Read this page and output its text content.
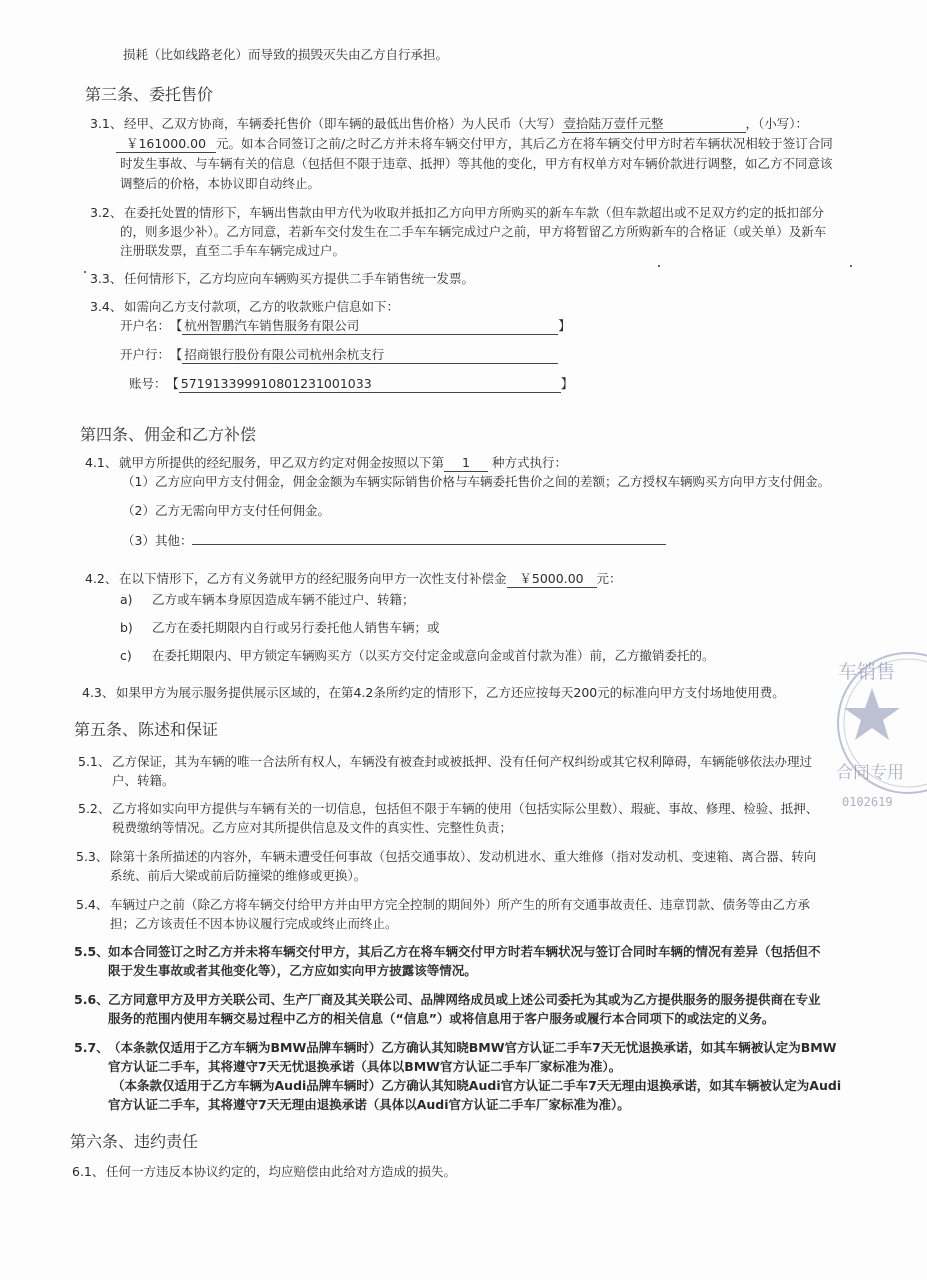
损耗（比如线路老化）而导致的损毁灭失由乙方自行承担。
第三条、委托售价
3.1、 经甲、乙双方协商，车辆委托售价（即车辆的最低出售价格）为人民币（大写） 壹拾陆万壹仟元整	，（小写）：
￥161000.00 元。如本合同签订之前/之时乙方并未将车辆交付甲方，其后乙方在将车辆交付甲方时若车辆状况相较于签订合同
时发生事故、与车辆有关的信息（包括但不限于违章、抵押）等其他的变化，甲方有权单方对车辆价款进行调整，如乙方不同意该
调整后的价格，本协议即自动终止。
3.2、 在委托处置的情形下，车辆出售款由甲方代为收取并抵扣乙方向甲方所购买的新车车款（但车款超出或不足双方约定的抵扣部分
的，则多退少补）。乙方同意，若新车交付发生在二手车车辆完成过户之前，甲方将暂留乙方所购新车的合格证（或关单）及新车
注册联发票，直至二手车车辆完成过户。
3.3、 任何情形下，乙方均应向车辆购买方提供二手车销售统一发票。
3.4、 如需向乙方支付款项，乙方的收款账户信息如下：
开户名： 【 杭州智鹏汽车销售服务有限公司	】
开户行： 【 招商银行股份有限公司杭州余杭支行
账号： 【 571913399910801231001033	】
第四条、佣金和乙方补偿
4.1、 就甲方所提供的经纪服务，甲乙双方约定对佣金按照以下第 1 种方式执行：
（1）乙方应向甲方支付佣金，佣金金额为车辆实际销售价格与车辆委托售价之间的差额；乙方授权车辆购买方向甲方支付佣金。
（2）乙方无需向甲方支付任何佣金。
（3）其他：
4.2、 在以下情形下，乙方有义务就甲方的经纪服务向甲方一次性支付补偿金 ￥5000.00 元：
a) 乙方或车辆本身原因造成车辆不能过户、转籍；
b) 乙方在委托期限内自行或另行委托他人销售车辆；或
c) 在委托期限内、甲方锁定车辆购买方（以买方交付定金或意向金或首付款为准）前，乙方撤销委托的。
4.3、 如果甲方为展示服务提供展示区域的，在第4.2条所约定的情形下，乙方还应按每天200元的标准向甲方支付场地使用费。
第五条、陈述和保证
5.1、 乙方保证，其为车辆的唯一合法所有权人，车辆没有被查封或被抵押、没有任何产权纠纷或其它权利障碍，车辆能够依法办理过
户、转籍。
5.2、 乙方将如实向甲方提供与车辆有关的一切信息，包括但不限于车辆的使用（包括实际公里数）、瑕疵、事故、修理、检验、抵押、
税费缴纳等情况。乙方应对其所提供信息及文件的真实性、完整性负责；
5.3、 除第十条所描述的内容外，车辆未遭受任何事故（包括交通事故）、发动机进水、重大维修（指对发动机、变速箱、离合器、转向
系统、前后大梁或前后防撞梁的维修或更换）。
5.4、 车辆过户之前（除乙方将车辆交付给甲方并由甲方完全控制的期间外）所产生的所有交通事故责任、违章罚款、债务等由乙方承
担；乙方该责任不因本协议履行完成或终止而终止。
5.5、如本合同签订之时乙方并未将车辆交付甲方，其后乙方在将车辆交付甲方时若车辆状况与签订合同时车辆的情况有差异（包括但不
限于发生事故或者其他变化等），乙方应如实向甲方披露该等情况。
5.6、乙方同意甲方及甲方关联公司、生产厂商及其关联公司、品牌网络成员或上述公司委托为其或为乙方提供服务的服务提供商在专业
服务的范围内使用车辆交易过程中乙方的相关信息（“信息”）或将信息用于客户服务或履行本合同项下的或法定的义务。
5.7、（本条款仅适用于乙方车辆为BMW品牌车辆时）乙方确认其知晓BMW官方认证二手车7天无忧退换承诺，如其车辆被认定为BMW
官方认证二手车，其将遵守7天无忧退换承诺（具体以BMW官方认证二手车厂家标准为准）。
（本条款仅适用于乙方车辆为Audi品牌车辆时）乙方确认其知晓Audi官方认证二手车7天无理由退换承诺，如其车辆被认定为Audi
官方认证二手车，其将遵守7天无理由退换承诺（具体以Audi官方认证二手车厂家标准为准）。
第六条、违约责任
6.1、 任何一方违反本协议约定的，均应赔偿由此给对方造成的损失。
车销售
合同专用
0102619
